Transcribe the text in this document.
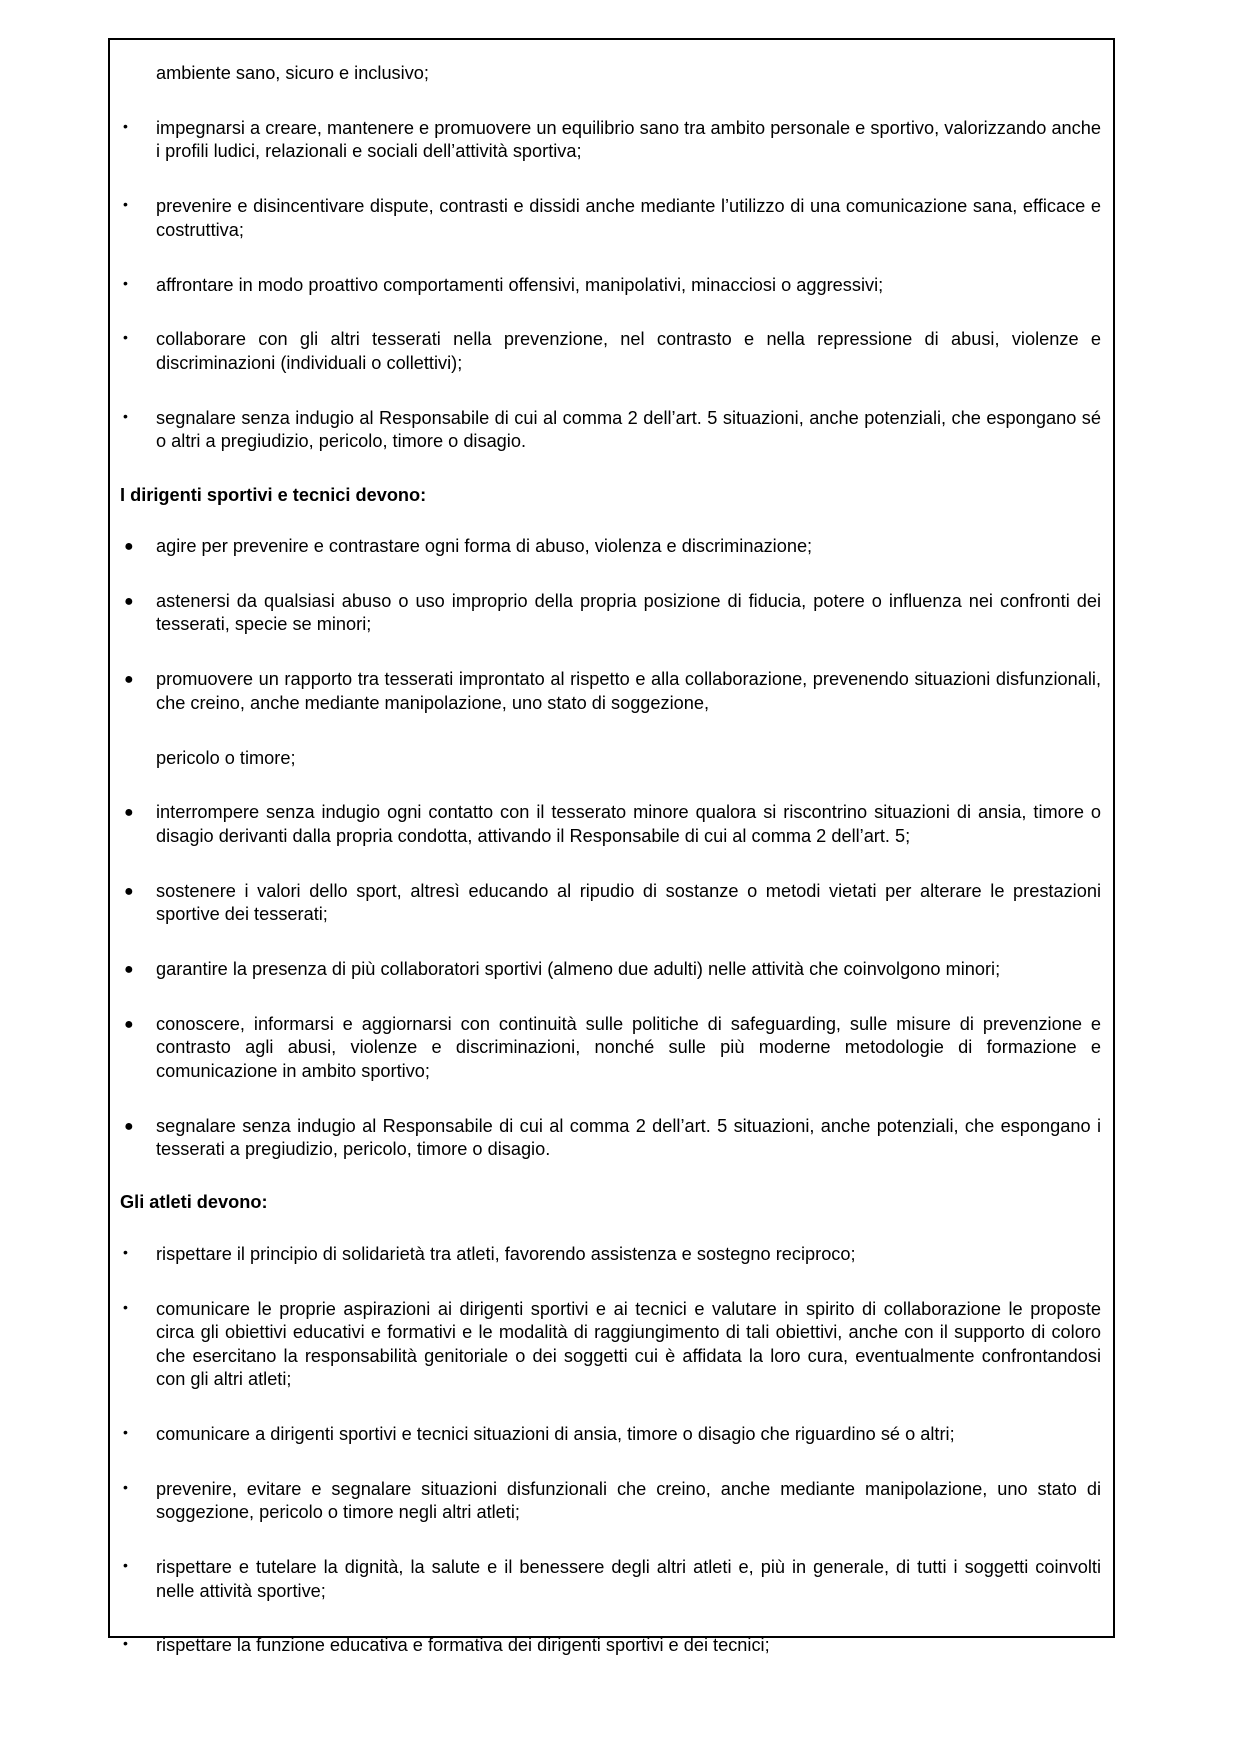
ambiente sano, sicuro e inclusivo;

• impegnarsi a creare, mantenere e promuovere un equilibrio sano tra ambito personale e sportivo, valorizzando anche i profili ludici, relazionali e sociali dell’attività sportiva;
• prevenire e disincentivare dispute, contrasti e dissidi anche mediante l’utilizzo di una comunicazione sana, efficace e costruttiva;
• affrontare in modo proattivo comportamenti offensivi, manipolativi, minacciosi o aggressivi;
• collaborare con gli altri tesserati nella prevenzione, nel contrasto e nella repressione di abusi, violenze e discriminazioni (individuali o collettivi);
• segnalare senza indugio al Responsabile di cui al comma 2 dell’art. 5 situazioni, anche potenziali, che espongano sé o altri a pregiudizio, pericolo, timore o disagio.

I dirigenti sportivi e tecnici devono:

● agire per prevenire e contrastare ogni forma di abuso, violenza e discriminazione;
● astenersi da qualsiasi abuso o uso improprio della propria posizione di fiducia, potere o influenza nei confronti dei tesserati, specie se minori;
● promuovere un rapporto tra tesserati improntato al rispetto e alla collaborazione, prevenendo situazioni disfunzionali, che creino, anche mediante manipolazione, uno stato di soggezione,

pericolo o timore;

● interrompere senza indugio ogni contatto con il tesserato minore qualora si riscontrino situazioni di ansia, timore o disagio derivanti dalla propria condotta, attivando il Responsabile di cui al comma 2 dell’art. 5;
● sostenere i valori dello sport, altresì educando al ripudio di sostanze o metodi vietati per alterare le prestazioni sportive dei tesserati;
● garantire la presenza di più collaboratori sportivi (almeno due adulti) nelle attività che coinvolgono minori;
● conoscere, informarsi e aggiornarsi con continuità sulle politiche di safeguarding, sulle misure di prevenzione e contrasto agli abusi, violenze e discriminazioni, nonché sulle più moderne metodologie di formazione e comunicazione in ambito sportivo;
● segnalare senza indugio al Responsabile di cui al comma 2 dell’art. 5 situazioni, anche potenziali, che espongano i tesserati a pregiudizio, pericolo, timore o disagio.

Gli atleti devono:

• rispettare il principio di solidarietà tra atleti, favorendo assistenza e sostegno reciproco;
• comunicare le proprie aspirazioni ai dirigenti sportivi e ai tecnici e valutare in spirito di collaborazione le proposte circa gli obiettivi educativi e formativi e le modalità di raggiungimento di tali obiettivi, anche con il supporto di coloro che esercitano la responsabilità genitoriale o dei soggetti cui è affidata la loro cura, eventualmente confrontandosi con gli altri atleti;
• comunicare a dirigenti sportivi e tecnici situazioni di ansia, timore o disagio che riguardino sé o altri;
• prevenire, evitare e segnalare situazioni disfunzionali che creino, anche mediante manipolazione, uno stato di soggezione, pericolo o timore negli altri atleti;
• rispettare e tutelare la dignità, la salute e il benessere degli altri atleti e, più in generale, di tutti i soggetti coinvolti nelle attività sportive;
• rispettare la funzione educativa e formativa dei dirigenti sportivi e dei tecnici;
